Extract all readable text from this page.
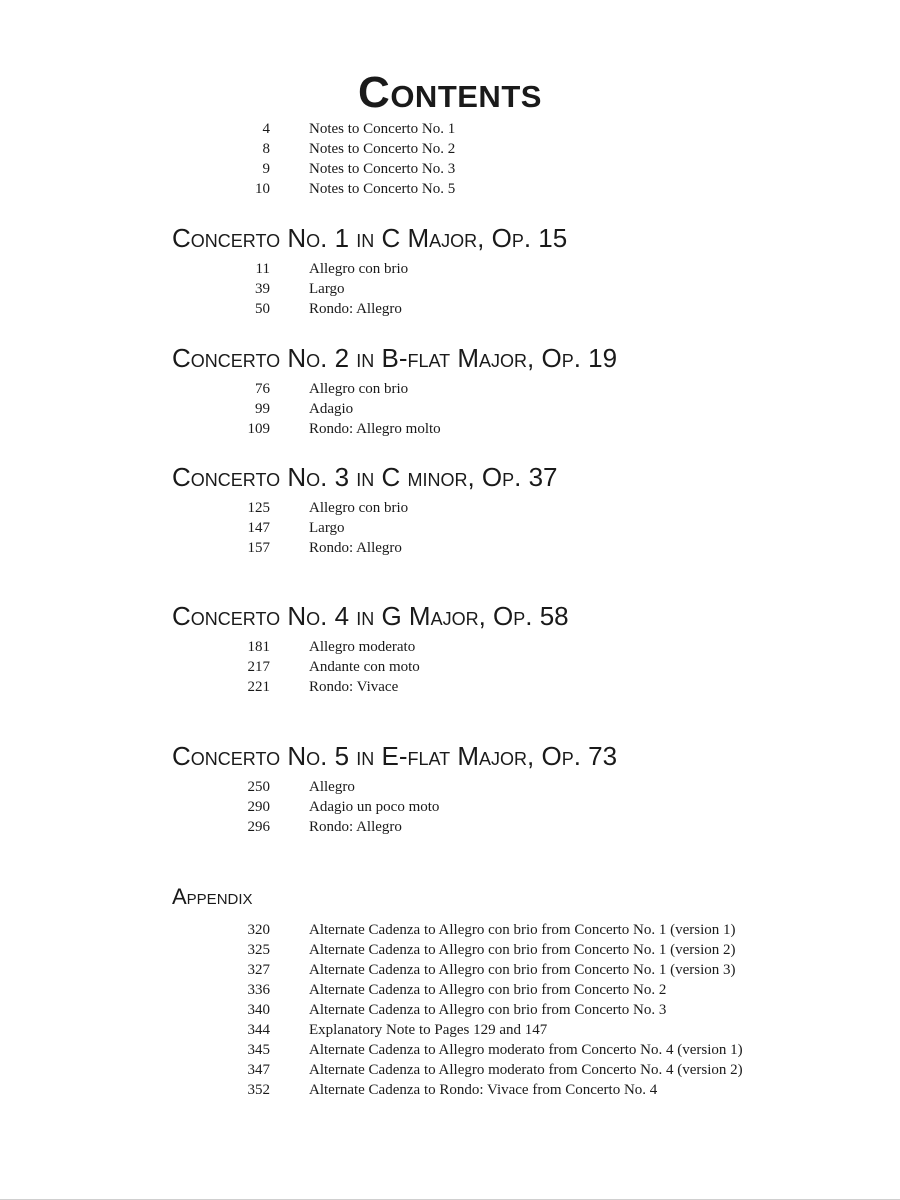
Contents
4	Notes to Concerto No. 1
8	Notes to Concerto No. 2
9	Notes to Concerto No. 3
10	Notes to Concerto No. 5
Concerto No. 1 in C Major, Op. 15
11	Allegro con brio
39	Largo
50	Rondo: Allegro
Concerto No. 2 in B-flat Major, Op. 19
76	Allegro con brio
99	Adagio
109	Rondo: Allegro molto
Concerto No. 3 in C minor, Op. 37
125	Allegro con brio
147	Largo
157	Rondo: Allegro
Concerto No. 4 in G Major, Op. 58
181	Allegro moderato
217	Andante con moto
221	Rondo: Vivace
Concerto No. 5 in E-flat Major, Op. 73
250	Allegro
290	Adagio un poco moto
296	Rondo: Allegro
Appendix
320	Alternate Cadenza to Allegro con brio from Concerto No. 1 (version 1)
325	Alternate Cadenza to Allegro con brio from Concerto No. 1 (version 2)
327	Alternate Cadenza to Allegro con brio from Concerto No. 1 (version 3)
336	Alternate Cadenza to Allegro con brio from Concerto No. 2
340	Alternate Cadenza to Allegro con brio from Concerto No. 3
344	Explanatory Note to Pages 129 and 147
345	Alternate Cadenza to Allegro moderato from Concerto No. 4 (version 1)
347	Alternate Cadenza to Allegro moderato from Concerto No. 4 (version 2)
352	Alternate Cadenza to Rondo: Vivace from Concerto No. 4
